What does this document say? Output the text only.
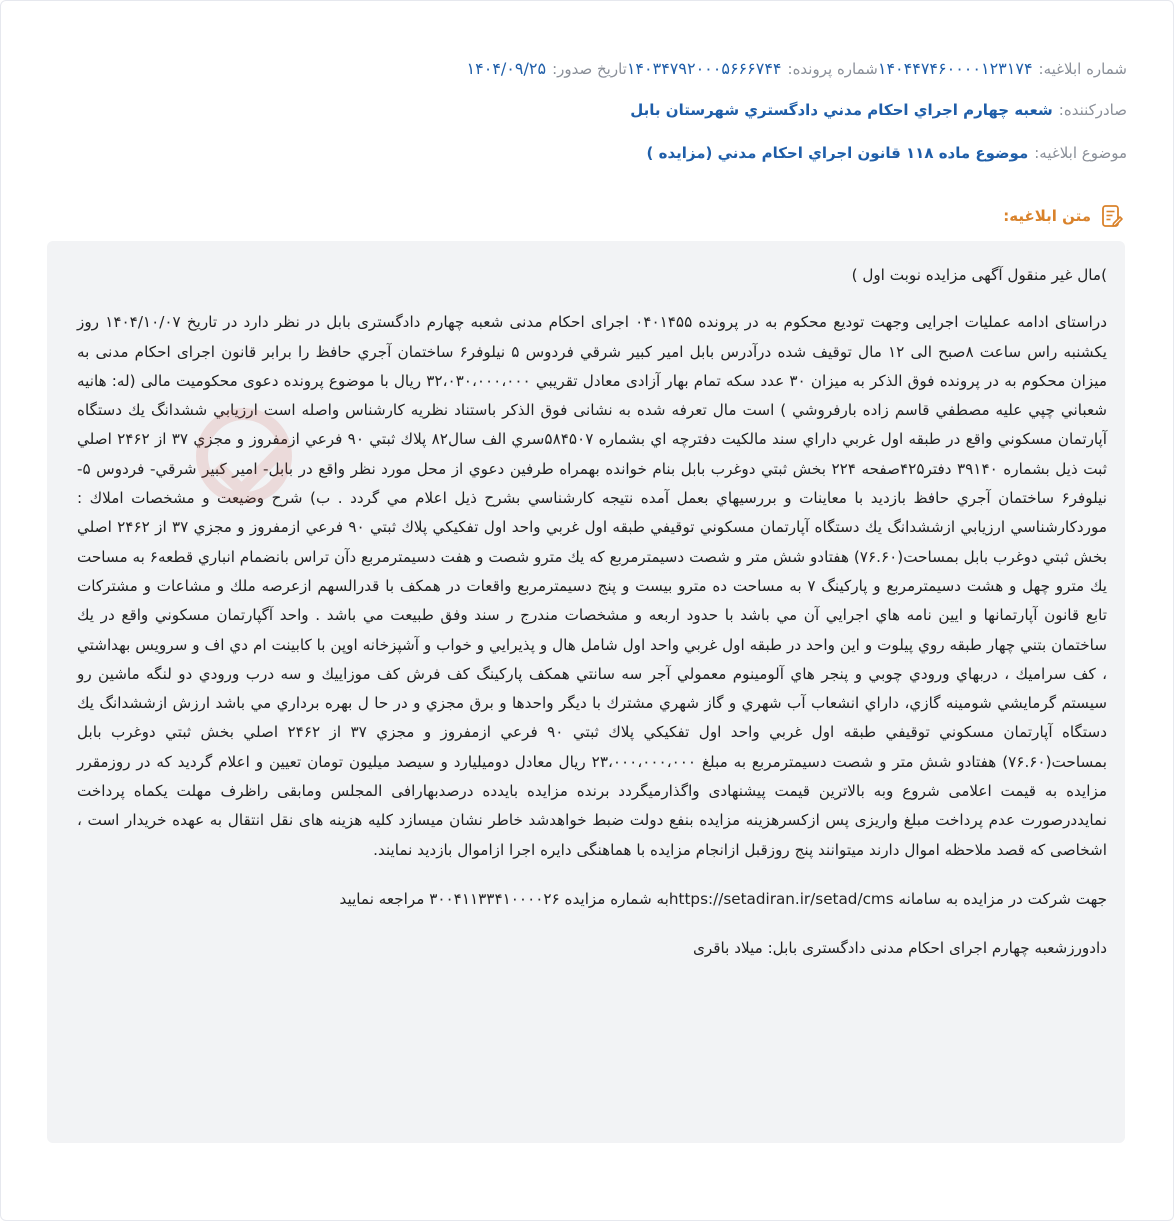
شماره ابلاغیه:
۱۴۰۴۴۷۴۶۰۰۰۰۱۲۳۱۷۴
شماره پرونده:
۱۴۰۳۴۷۹۲۰۰۰۵۶۶۶۷۴۴
تاریخ صدور:
۱۴۰۴/۰۹/۲۵
صادرکننده:
شعبه چهارم اجراي احكام مدني دادگستري شهرستان بابل
موضوع ابلاغیه:
موضوع ماده ۱۱۸ قانون اجراي احكام مدني (مزايده )
متن ابلاغیه:

)مال غير منقول آگهی مزایده نوبت اول )

دراستای ادامه عملیات اجرایی وجهت توديع محکوم به در پرونده ۰۴۰۱۴۵۵ اجرای احکام مدنی شعبه چهارم دادگستری بابل در نظر دارد در تاریخ ۱۴۰۴/۱۰/۰۷ روز يكشنبه راس ساعت ۸صبح الی ۱۲ مال توقیف شده درآدرس بابل امير كبير شرقي فردوس ۵ نيلوفر۶ ساختمان آجري حافظ را برابر قانون اجرای احکام مدنی به میزان محکوم به در پرونده فوق الذکر به میزان ۳۰ عدد سکه تمام بهار آزادی معادل تقريبي ۳۲،۰۳۰،۰۰۰،۰۰۰ ريال با موضوع پرونده دعوی محکومیت مالی (له: هانيه شعباني چپي عليه مصطفي قاسم زاده بارفروشي ) است مال تعرفه شده به نشانی فوق الذکر باستناد نظریه کارشناس واصله است ارزيابي ششدانگ يك دستگاه آپارتمان مسكوني واقع در طبقه اول غربي داراي سند مالكيت دفترچه اي بشماره ۵۸۴۵۰۷سري الف سال۸۲ پلاك ثبتي ۹۰ فرعي ازمفروز و مجزي ۳۷ از ۲۴۶۲ اصلي ثبت ذيل بشماره ۳۹۱۴۰ دفتر۴۲۵صفحه ۲۲۴ بخش ثبتي دوغرب بابل بنام خوانده بهمراه طرفين دعوي از محل مورد نظر واقع در بابل- امير كبير شرقي- فردوس ۵- نيلوفر۶ ساختمان آجري حافظ بازديد با معاينات و بررسيهاي بعمل آمده نتيجه كارشناسي بشرح ذيل اعلام مي گردد . ب) شرح وضيعت و مشخصات املاك : موردكارشناسي ارزيابي ازششدانگ يك دستگاه آپارتمان مسكوني توقيفي طبقه اول غربي واحد اول تفكيكي پلاك ثبتي ۹۰ فرعي ازمفروز و مجزي ۳۷ از ۲۴۶۲ اصلي بخش ثبتي دوغرب بابل بمساحت(۷۶.۶۰) هفتادو شش متر و شصت دسيمترمربع كه يك مترو شصت و هفت دسيمترمربع دآن تراس بانضمام انباري قطعه۶ به مساحت يك مترو چهل و هشت دسيمترمربع و پاركينگ ۷ به مساحت ده مترو بيست و پنج دسيمترمربع واقعات در همكف با قدرالسهم ازعرصه ملك و مشاعات و مشتركات تابع قانون آپارتمانها و ايين نامه هاي اجرايي آن مي باشد با حدود اربعه و مشخصات مندرج ر سند وفق طبيعت مي باشد . واحد آگپارتمان مسكوني واقع در يك ساختمان بتني چهار طبقه روي پيلوت و اين واحد در طبقه اول غربي واحد اول شامل هال و پذيرايي و خواب و آشپزخانه اوپن با كابينت ام دي اف و سرويس بهداشتي ، كف سراميك ، دربهاي ورودي چوبي و پنجر هاي آلومينوم معمولي آجر سه سانتي همكف پاركينگ كف فرش كف موزاييك و سه درب ورودي دو لنگه ماشين رو سيستم گرمايشي شومينه گازي، داراي انشعاب آب شهري و گاز شهري مشترك با ديگر واحدها و برق مجزي و در حا ل بهره برداري مي باشد ارزش ازششدانگ يك دستگاه آپارتمان مسكوني توقيفي طبقه اول غربي واحد اول تفكيكي پلاك ثبتي ۹۰ فرعي ازمفروز و مجزي ۳۷ از ۲۴۶۲ اصلي بخش ثبتي دوغرب بابل بمساحت(۷۶.۶۰) هفتادو شش متر و شصت دسيمترمربع به مبلغ ۲۳،۰۰۰،۰۰۰،۰۰۰ ريال معادل دوميليارد و سيصد ميليون تومان تعيين و اعلام گرديد كه در روزمقرر مزایده به قیمت اعلامی شروع وبه بالاترین قیمت پیشنهادی واگذارمیگردد برنده مزايده بايدده درصدبهارافی المجلس ومابقی راظرف مهلت یکماه پرداخت نمایددرصورت عدم پرداخت مبلغ واریزی پس ازکسرهزینه مزایده بنفع دولت ضبط خواهدشد خاطر نشان ميسازد کلیه هزینه های نقل انتقال به عهده خریدار است ، اشخاصی که قصد ملاحظه اموال دارند میتوانند پنج روزقبل ازانجام مزایده با هماهنگی دایره اجرا ازاموال بازدید نمایند.

جهت شرکت در مزایده به سامانه https://setadiran.ir/setad/cmsبه شماره مزایده ۳۰۰۴۱۱۳۳۴۱۰۰۰۰۲۶ مراجعه نمایید

دادورزشعبه چهارم اجرای احکام مدنی دادگستری بابل: میلاد باقری
